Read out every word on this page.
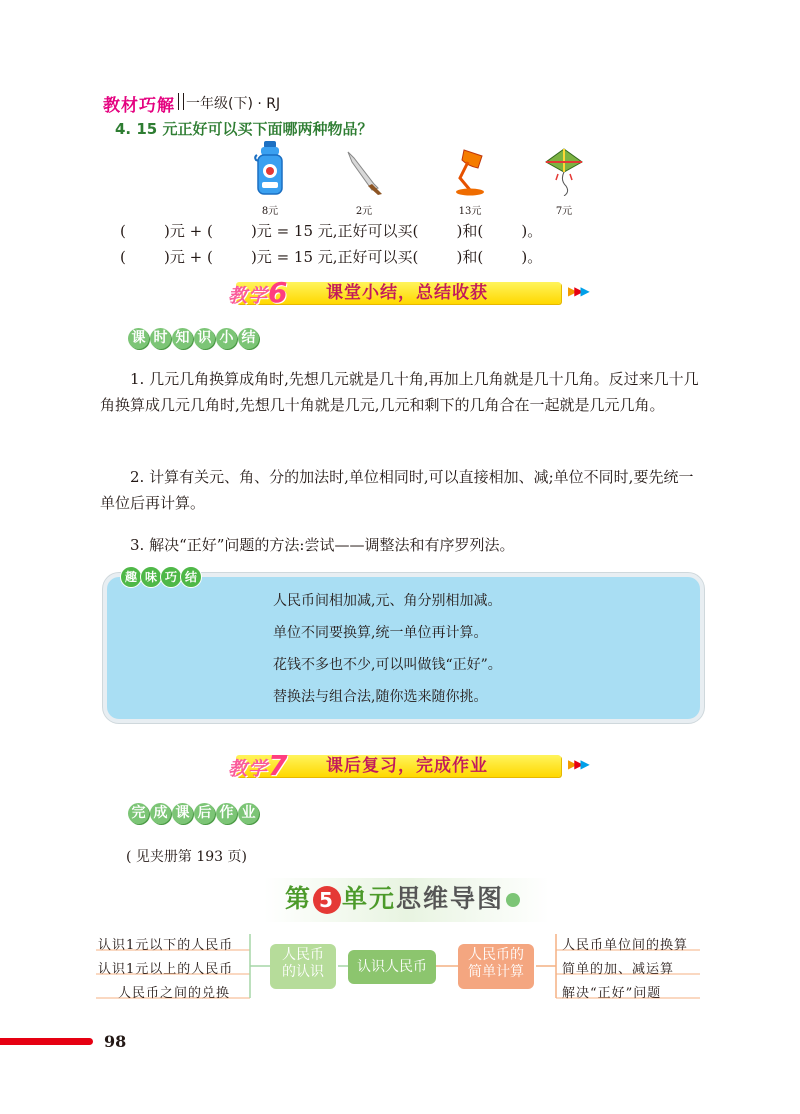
教材巧解 一年级(下) · RJ
4. 15 元正好可以买下面哪两种物品？
8元	2元	13元	7元
(        )元 + (        )元 = 15 元,正好可以买(        )和(        )。
(        )元 + (        )元 = 15 元,正好可以买(        )和(        )。
教学6 课堂小结，总结收获	▶▶▶
课 时 知 识 小 结
1. 几元几角换算成角时,先想几元就是几十角,再加上几角就是几十几角。反过来几十几角换算成几元几角时,先想几十角就是几元,几元和剩下的几角合在一起就是几元几角。
2. 计算有关元、角、分的加法时,单位相同时,可以直接相加、减;单位不同时,要先统一单位后再计算。
3. 解决“正好”问题的方法:尝试——调整法和有序罗列法。
趣 味 巧 结
人民币间相加减,元、角分别相加减。
单位不同要换算,统一单位再计算。
花钱不多也不少,可以叫做钱“正好”。
替换法与组合法,随你选来随你挑。
教学7 课后复习，完成作业	▶▶▶
完 成 课 后 作 业
( 见夹册第 193 页)
第 5 单元思维导图
认识1元以下的人民币
认识1元以上的人民币
人民币之间的兑换
人民币
的认识	认识人民币
人民币的
简单计算
人民币单位间的换算
简单的加、减运算
解决“正好”问题
98
